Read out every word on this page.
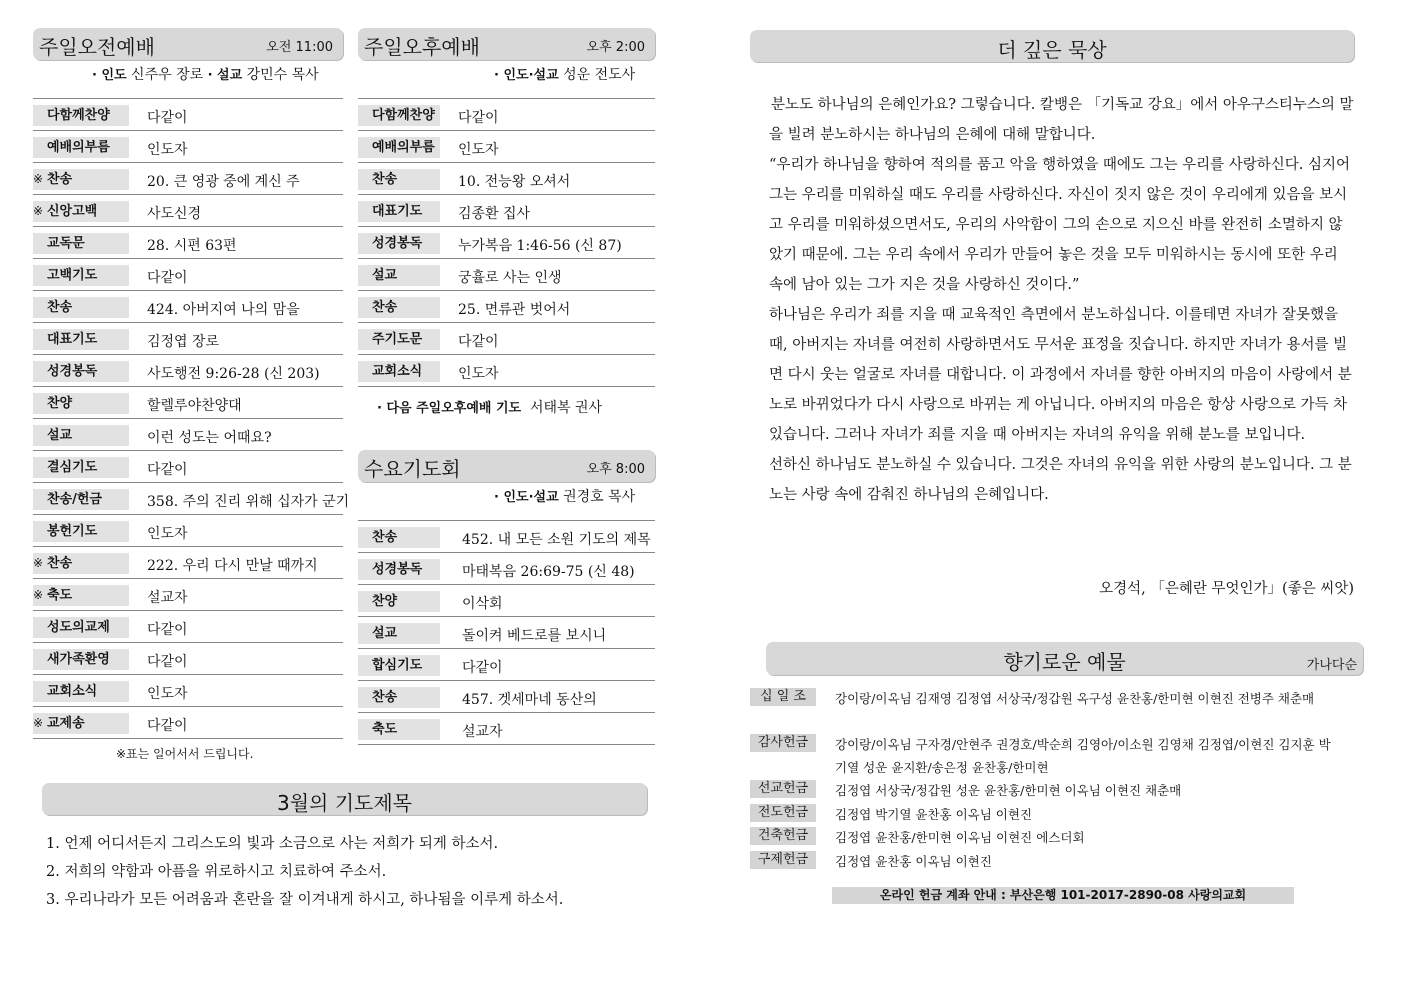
주일오전예배	오전 11:00
· 인도 신주우 장로 · 설교 강민수 목사
다함께찬양	다같이
예배의부름	인도자
※ 찬송	20. 큰 영광 중에 계신 주
※ 신앙고백	사도신경
교독문	28. 시편 63편
고백기도	다같이
찬송	424. 아버지여 나의 맘을
대표기도	김정엽 장로
성경봉독	사도행전 9:26-28 (신 203)
찬양	할렐루야찬양대
설교	이런 성도는 어때요?
결심기도	다같이
찬송/헌금	358. 주의 진리 위해 십자가 군기
봉헌기도	인도자
※ 찬송	222. 우리 다시 만날 때까지
※ 축도	설교자
성도의교제	다같이
새가족환영	다같이
교회소식	인도자
※ 교제송	다같이
※표는 일어서서 드립니다.
주일오후예배	오후 2:00
· 인도·설교 성운 전도사
다함께찬양 다같이
예배의부름 인도자
찬송	10. 전능왕 오셔서
대표기도	김종환 집사
성경봉독	누가복음 1:46-56 (신 87)
설교	궁휼로 사는 인생
찬송	25. 면류관 벗어서
주기도문	다같이
교회소식	인도자
· 다음 주일오후예배 기도 서태복 권사
수요기도회	오후 8:00
· 인도·설교 권경호 목사
찬송	452. 내 모든 소원 기도의 제목
성경봉독	마태복음 26:69-75 (신 48)
찬양	이삭회
설교	돌이켜 베드로를 보시니
합심기도	다같이
찬송	457. 겟세마네 동산의
축도	설교자
3월의 기도제목
1. 언제 어디서든지 그리스도의 빛과 소금으로 사는 저희가 되게 하소서.
2. 저희의 약함과 아픔을 위로하시고 치료하여 주소서.
3. 우리나라가 모든 어려움과 혼란을 잘 이겨내게 하시고, 하나됨을 이루게 하소서.
더 깊은 묵상

분노도 하나님의 은혜인가요? 그렇습니다. 칼뱅은 「기독교 강요」에서 아우구스티누스의 말을 빌려 분노하시는 하나님의 은혜에 대해 말합니다.

“우리가 하나님을 향하여 적의를 품고 악을 행하였을 때에도 그는 우리를 사랑하신다. 심지어 그는 우리를 미워하실 때도 우리를 사랑하신다. 자신이 짓지 않은 것이 우리에게 있음을 보시고 우리를 미워하셨으면서도, 우리의 사악함이 그의 손으로 지으신 바를 완전히 소멸하지 않았기 때문에. 그는 우리 속에서 우리가 만들어 놓은 것을 모두 미워하시는 동시에 또한 우리 속에 남아 있는 그가 지은 것을 사랑하신 것이다.”

하나님은 우리가 죄를 지을 때 교육적인 측면에서 분노하십니다. 이를테면 자녀가 잘못했을 때, 아버지는 자녀를 여전히 사랑하면서도 무서운 표정을 짓습니다. 하지만 자녀가 용서를 빌면 다시 웃는 얼굴로 자녀를 대합니다. 이 과정에서 자녀를 향한 아버지의 마음이 사랑에서 분노로 바뀌었다가 다시 사랑으로 바뀌는 게 아닙니다. 아버지의 마음은 항상 사랑으로 가득 차 있습니다. 그러나 자녀가 죄를 지을 때 아버지는 자녀의 유익을 위해 분노를 보입니다.

선하신 하나님도 분노하실 수 있습니다. 그것은 자녀의 유익을 위한 사랑의 분노입니다. 그 분노는 사랑 속에 감춰진 하나님의 은혜입니다.

오경석, 「은혜란 무엇인가」(좋은 씨앗)
향기로운 예물	가나다순
십 일 조	강이랑/이옥님 김재영 김정엽 서상국/정갑원 옥구성 윤찬홍/한미현 이현진 전병주 채춘매
감사헌금	강이랑/이옥님 구자경/안현주 권경호/박순희 김영아/이소원 김영채 김정엽/이현진 김지훈 박기열 성운 윤지환/송은정 윤찬홍/한미현
선교헌금	김정엽 서상국/정갑원 성운 윤찬홍/한미현 이옥님 이현진 채춘매
전도헌금	김정엽 박기열 윤찬홍 이옥님 이현진
건축헌금	김정엽 윤찬홍/한미현 이옥님 이현진 에스더회
구제헌금	김정엽 윤찬홍 이옥님 이현진
온라인 헌금 계좌 안내 : 부산은행 101-2017-2890-08 사랑의교회
